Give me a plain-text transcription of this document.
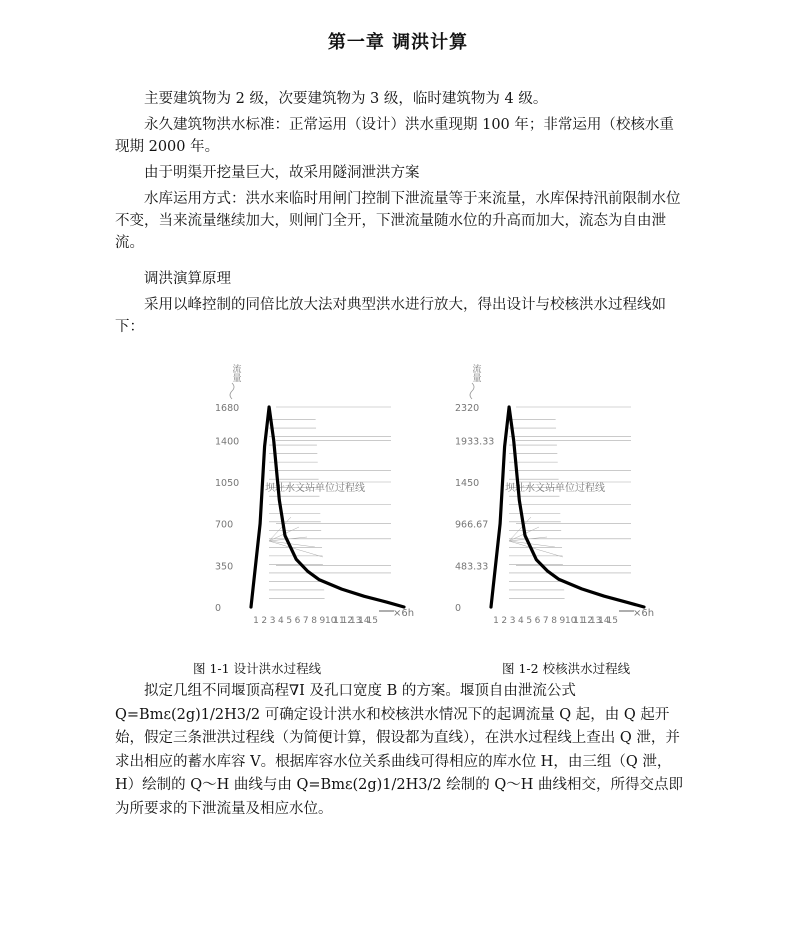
第一章 调洪计算

主要建筑物为 2 级，次要建筑物为 3 级，临时建筑物为 4 级。

永久建筑物洪水标准：正常运用（设计）洪水重现期 100 年；非常运用（校核水重现期 2000 年。

由于明渠开挖量巨大，故采用隧洞泄洪方案

水库运用方式：洪水来临时用闸门控制下泄流量等于来流量，水库保持汛前限制水位不变，当来流量继续加大，则闸门全开，下泄流量随水位的升高而加大，流态为自由泄流。

调洪演算原理

采用以峰控制的同倍比放大法对典型洪水进行放大，得出设计与校核洪水过程线如下：

流
量
1680
1400
1050
700
350
0
坝址水文站单位过程线
1 2 3 4 5 6 7 8 9 10
11
12
13
14
15
×6h
图 1-1 设计洪水过程线
流
量
2320
1933.33
1450
966.67
483.33
0
坝址水文站单位过程线
1 2 3 4 5 6 7 8 9 10
11
12
13
14
15
×6h
图 1-2 校核洪水过程线

拟定几组不同堰顶高程∇I 及孔口宽度 B 的方案。堰顶自由泄流公式Q=Bmε(2g)1/2H3/2 可确定设计洪水和校核洪水情况下的起调流量 Q 起，由 Q 起开始，假定三条泄洪过程线（为简便计算，假设都为直线），在洪水过程线上查出 Q 泄，并求出相应的蓄水库容 V。根据库容水位关系曲线可得相应的库水位 H，由三组（Q 泄，H）绘制的 Q～H 曲线与由 Q=Bmε(2g)1/2H3/2 绘制的 Q～H 曲线相交，所得交点即为所要求的下泄流量及相应水位。
